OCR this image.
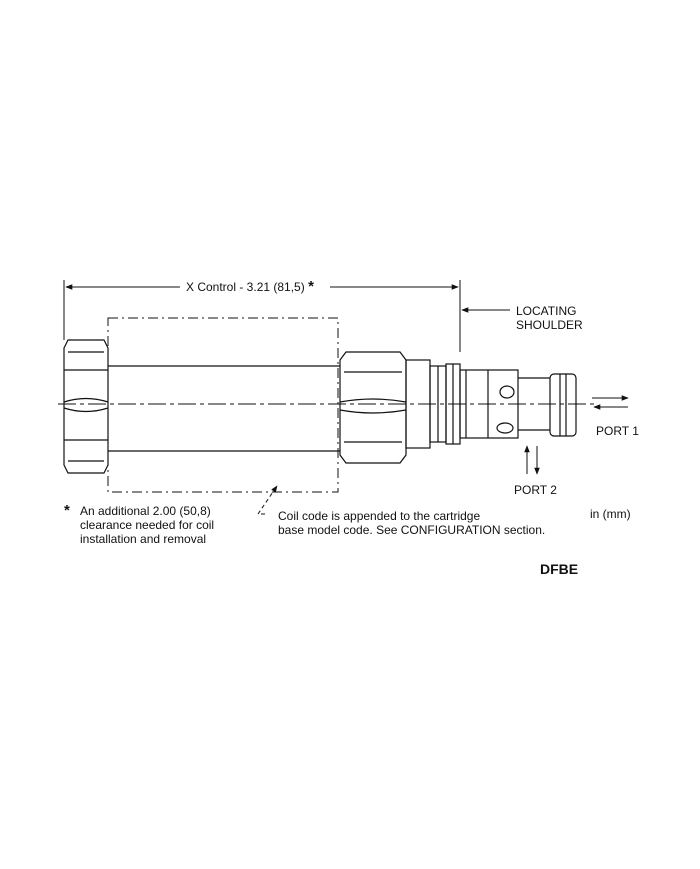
X Control - 3.21 (81,5) *
LOCATING
SHOULDER
PORT 1
PORT 2
in (mm)
* An additional 2.00 (50,8)
clearance needed for coil
installation and removal
Coil code is appended to the cartridge
base model code. See CONFIGURATION section.
DFBE
